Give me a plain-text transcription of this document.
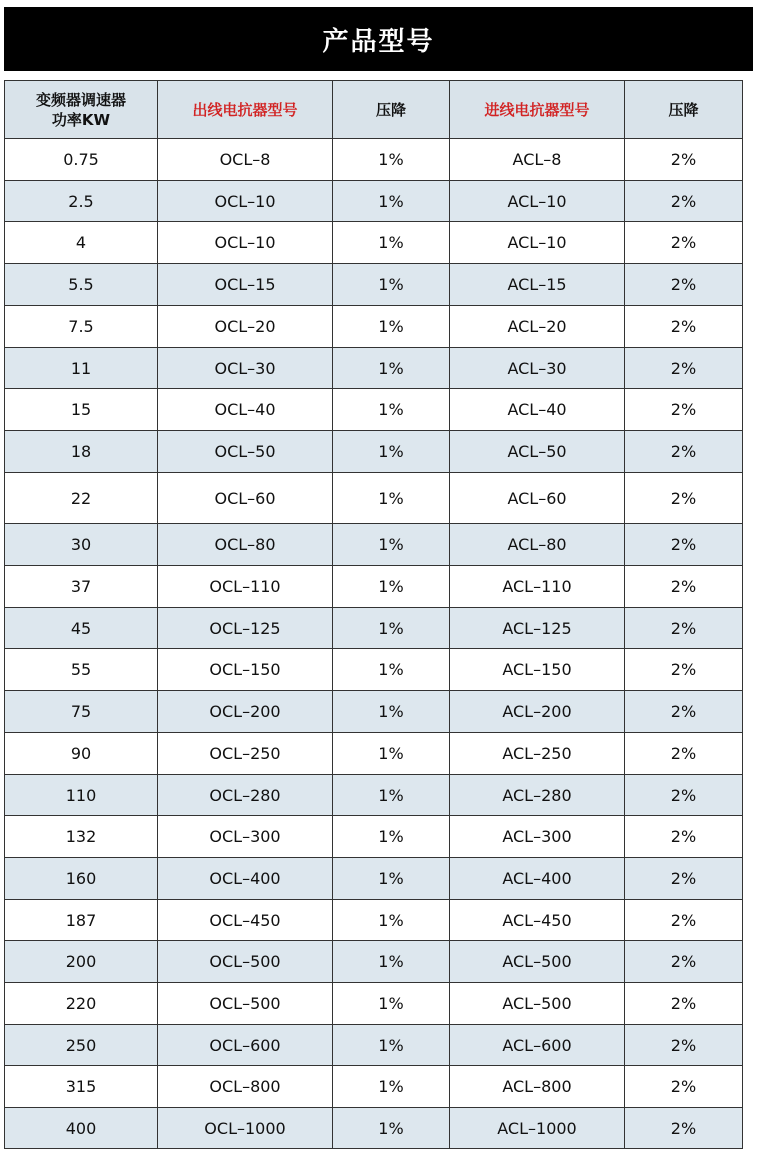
产品型号
变频器调速器
功率KW	出线电抗器型号	压降	进线电抗器型号	压降
0.75	OCL–8	1%	ACL–8	2%
2.5	OCL–10	1%	ACL–10	2%
4	OCL–10	1%	ACL–10	2%
5.5	OCL–15	1%	ACL–15	2%
7.5	OCL–20	1%	ACL–20	2%
11	OCL–30	1%	ACL–30	2%
15	OCL–40	1%	ACL–40	2%
18	OCL–50	1%	ACL–50	2%
22	OCL–60	1%	ACL–60	2%
30	OCL–80	1%	ACL–80	2%
37	OCL–110	1%	ACL–110	2%
45	OCL–125	1%	ACL–125	2%
55	OCL–150	1%	ACL–150	2%
75	OCL–200	1%	ACL–200	2%
90	OCL–250	1%	ACL–250	2%
110	OCL–280	1%	ACL–280	2%
132	OCL–300	1%	ACL–300	2%
160	OCL–400	1%	ACL–400	2%
187	OCL–450	1%	ACL–450	2%
200	OCL–500	1%	ACL–500	2%
220	OCL–500	1%	ACL–500	2%
250	OCL–600	1%	ACL–600	2%
315	OCL–800	1%	ACL–800	2%
400	OCL–1000	1%	ACL–1000	2%
